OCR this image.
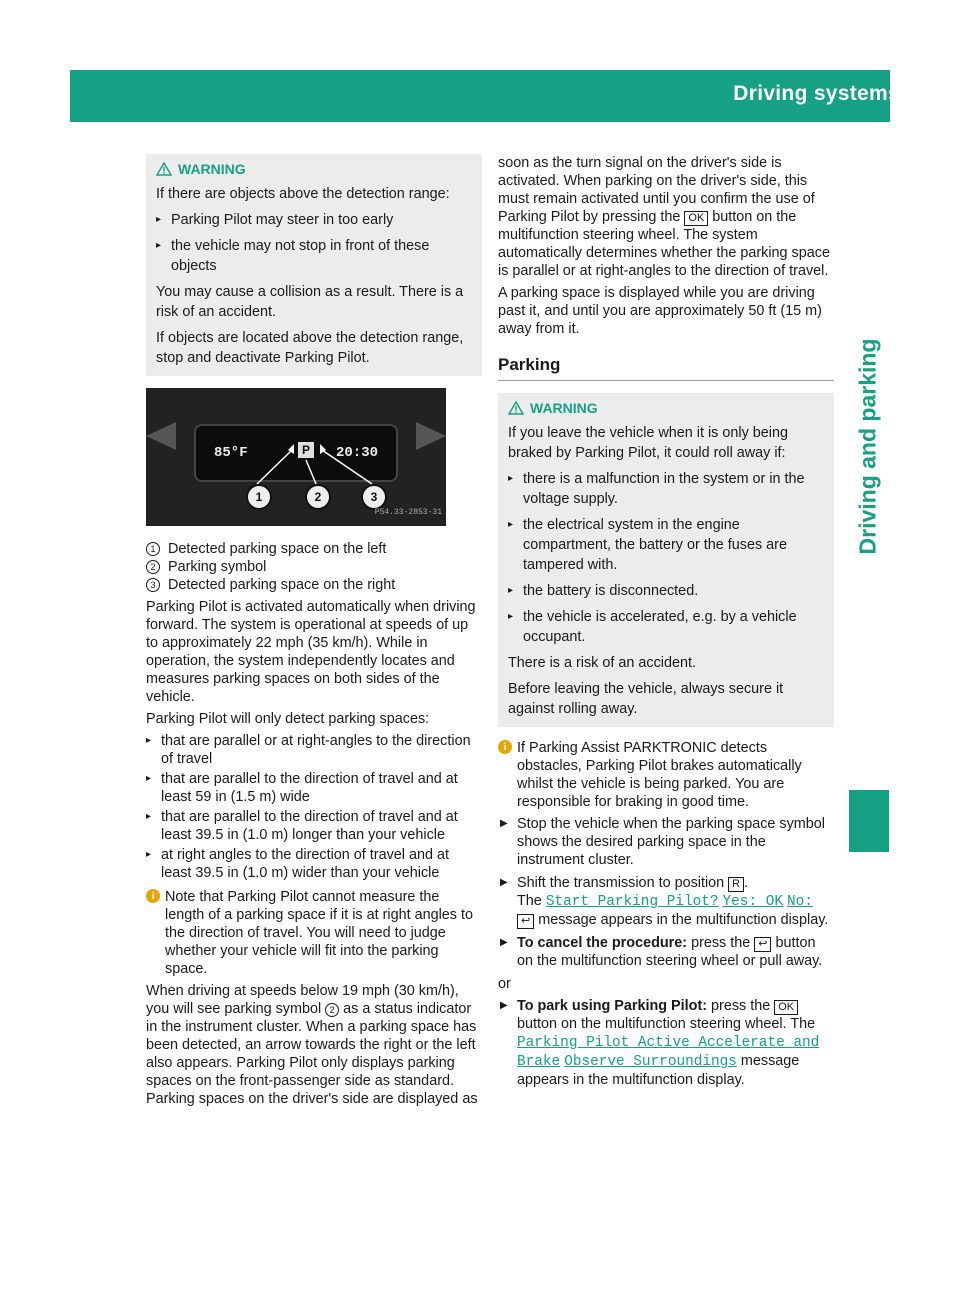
Driving systems 165
Driving and parking
WARNING

If there are objects above the detection range:

▸ Parking Pilot may steer in too early
▸ the vehicle may not stop in front of these objects

You may cause a collision as a result. There is a risk of an accident.

If objects are located above the detection range, stop and deactivate Parking Pilot.

85°F	20:30
P
1	2	3
P54.33-2853-31
1 Detected parking space on the left
2 Parking symbol
3 Detected parking space on the right

Parking Pilot is activated automatically when driving forward. The system is operational at speeds of up to approximately 22 mph (35 km/h). While in operation, the system independently locates and measures parking spaces on both sides of the vehicle.

Parking Pilot will only detect parking spaces:

▸ that are parallel or at right-angles to the direction of travel
▸ that are parallel to the direction of travel and at least 59 in (1.5 m) wide
▸ that are parallel to the direction of travel and at least 39.5 in (1.0 m) longer than your vehicle
▸ at right angles to the direction of travel and at least 39.5 in (1.0 m) wider than your vehicle
i Note that Parking Pilot cannot measure the length of a parking space if it is at right angles to the direction of travel. You will need to judge whether your vehicle will fit into the parking space.

When driving at speeds below 19 mph (30 km/h), you will see parking symbol 2 as a status indicator in the instrument cluster. When a parking space has been detected, an arrow towards the right or the left also appears. Parking Pilot only displays parking spaces on the front-passenger side as standard. Parking spaces on the driver's side are displayed as

soon as the turn signal on the driver's side is activated. When parking on the driver's side, this must remain activated until you confirm the use of Parking Pilot by pressing the OK button on the multifunction steering wheel. The system automatically determines whether the parking space is parallel or at right-angles to the direction of travel.

A parking space is displayed while you are driving past it, and until you are approximately 50 ft (15 m) away from it.

Parking
WARNING

If you leave the vehicle when it is only being braked by Parking Pilot, it could roll away if:

▸ there is a malfunction in the system or in the voltage supply.
▸ the electrical system in the engine compartment, the battery or the fuses are tampered with.
▸ the battery is disconnected.
▸ the vehicle is accelerated, e.g. by a vehicle occupant.

There is a risk of an accident.

Before leaving the vehicle, always secure it against rolling away.

i If Parking Assist PARKTRONIC detects obstacles, Parking Pilot brakes automatically whilst the vehicle is being parked. You are responsible for braking in good time.
▶ Stop the vehicle when the parking space symbol shows the desired parking space in the instrument cluster.
▶ Shift the transmission to position R .
The Start Parking Pilot? Yes: OK No: ↩ message appears in the multifunction display.
▶ To cancel the procedure: press the ↩ button on the multifunction steering wheel or pull away.

or

▶ To park using Parking Pilot: press the OK button on the multifunction steering wheel. The Parking Pilot Active Accelerate and Brake Observe Surroundings message appears in the multifunction display.
